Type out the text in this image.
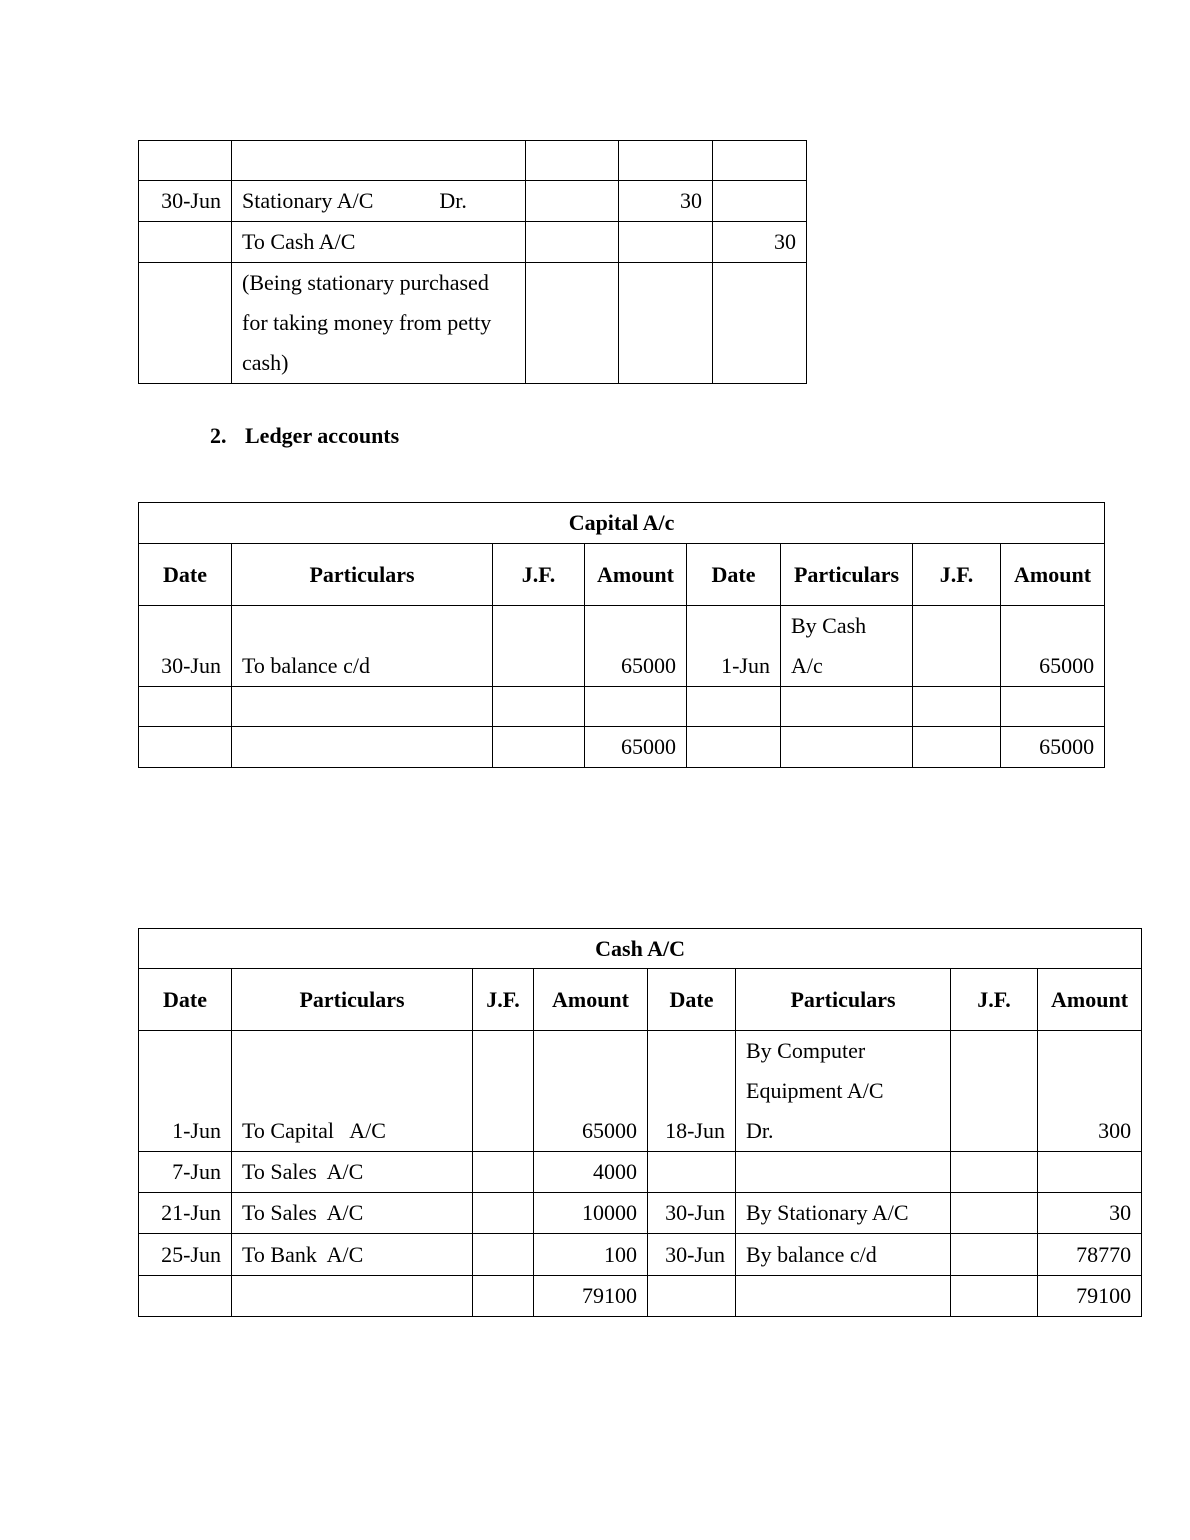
30-Jun	Stationary A/C Dr.		30	
	To Cash A/C			30
	(Being stationary purchased for taking money from petty cash)			
2. Ledger accounts
Capital A/c							
Date	Particulars	J.F.	Amount	Date	Particulars	J.F.	Amount
30-Jun	To balance c/d		65000	1-Jun	By Cash A/c		65000

			65000				65000
Cash A/C							
Date	Particulars	J.F.	Amount	Date	Particulars	J.F.	Amount
1-Jun	To Capital   A/C		65000	18-Jun	By Computer Equipment A/C Dr.		300
7-Jun	To Sales  A/C		4000				
21-Jun	To Sales  A/C		10000	30-Jun	By Stationary A/C		30
25-Jun	To Bank  A/C		100	30-Jun	By balance c/d		78770
			79100				79100
